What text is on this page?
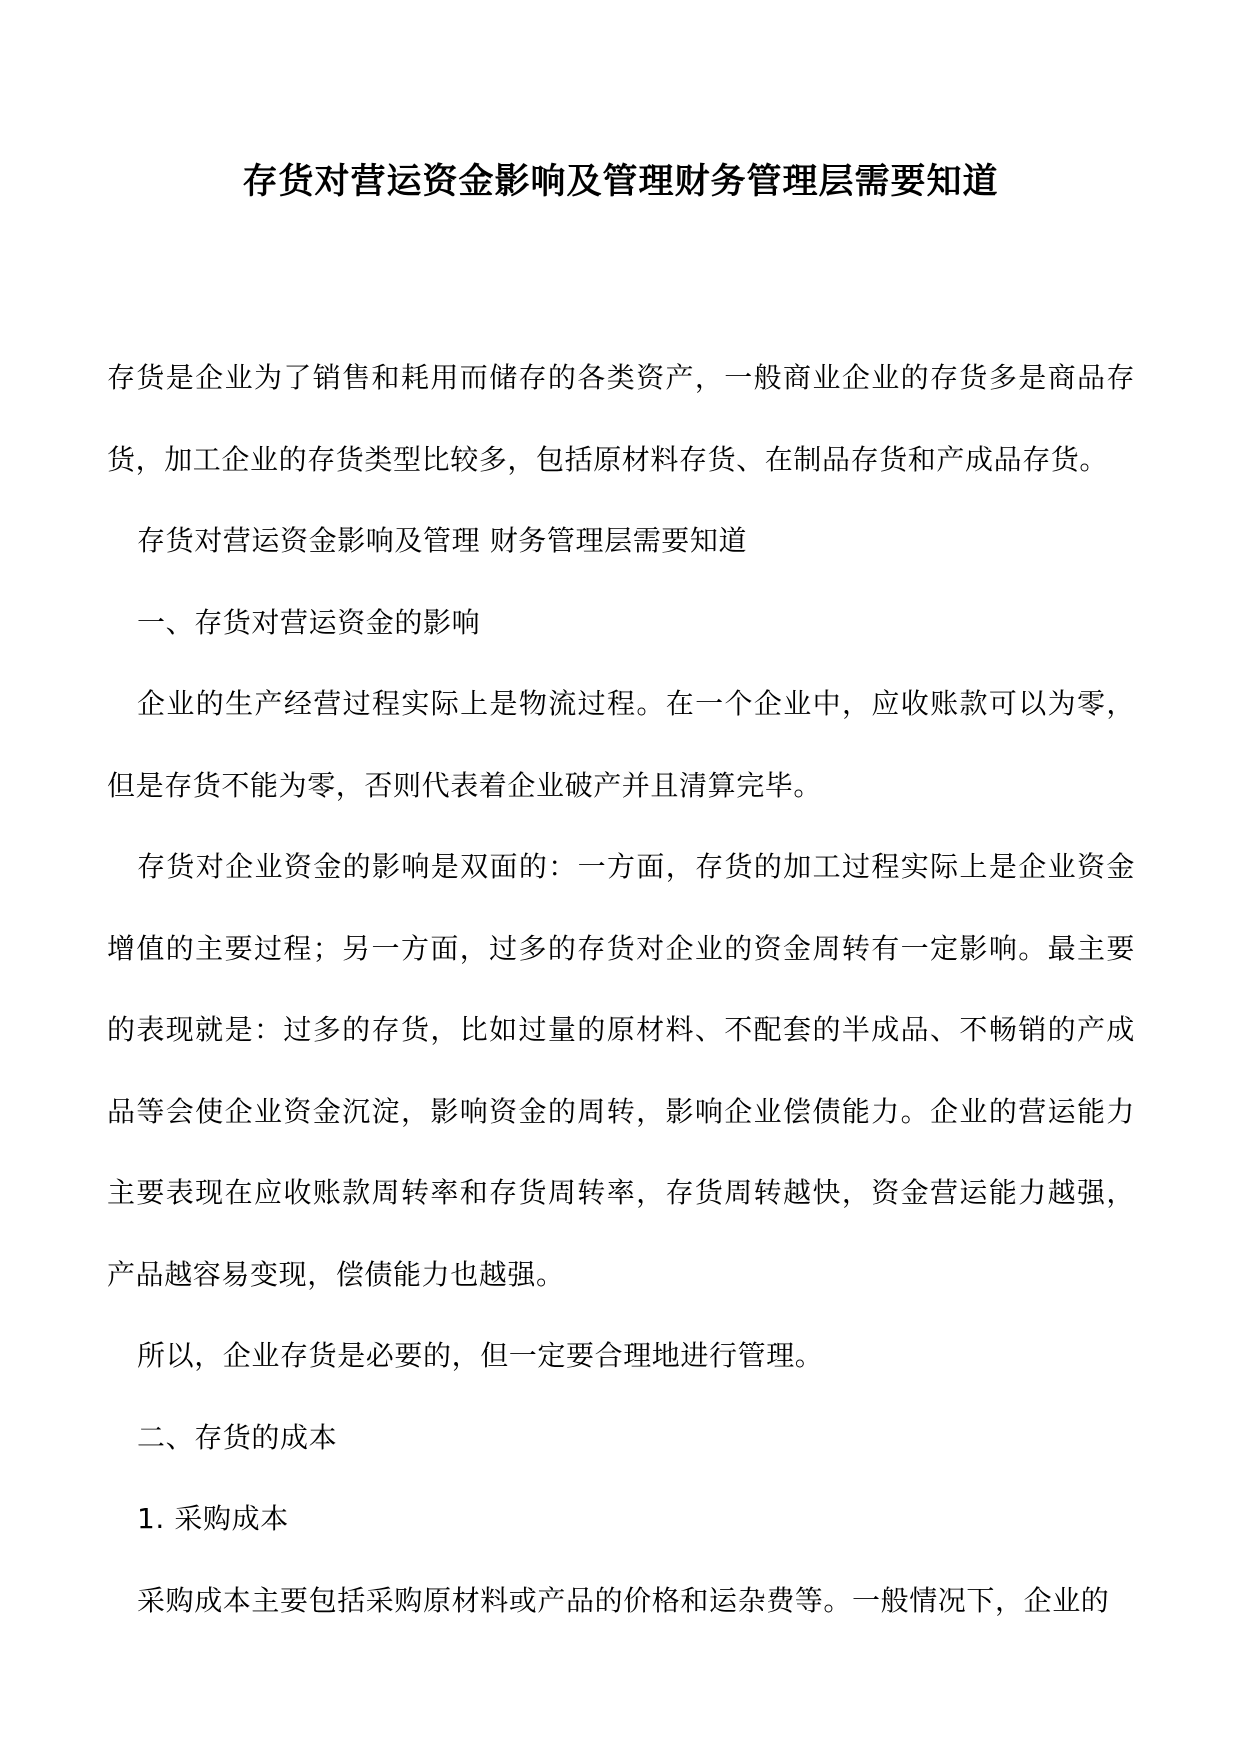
存货对营运资金影响及管理财务管理层需要知道

存货是企业为了销售和耗用而储存的各类资产，一般商业企业的存货多是商品存货，加工企业的存货类型比较多，包括原材料存货、在制品存货和产成品存货。

存货对营运资金影响及管理 财务管理层需要知道

一、存货对营运资金的影响

企业的生产经营过程实际上是物流过程。在一个企业中，应收账款可以为零，但是存货不能为零，否则代表着企业破产并且清算完毕。

存货对企业资金的影响是双面的：一方面，存货的加工过程实际上是企业资金增值的主要过程；另一方面，过多的存货对企业的资金周转有一定影响。最主要的表现就是：过多的存货，比如过量的原材料、不配套的半成品、不畅销的产成品等会使企业资金沉淀，影响资金的周转，影响企业偿债能力。企业的营运能力主要表现在应收账款周转率和存货周转率，存货周转越快，资金营运能力越强，产品越容易变现，偿债能力也越强。

所以，企业存货是必要的，但一定要合理地进行管理。

二、存货的成本

1. 采购成本

采购成本主要包括采购原材料或产品的价格和运杂费等。一般情况下，企业的
